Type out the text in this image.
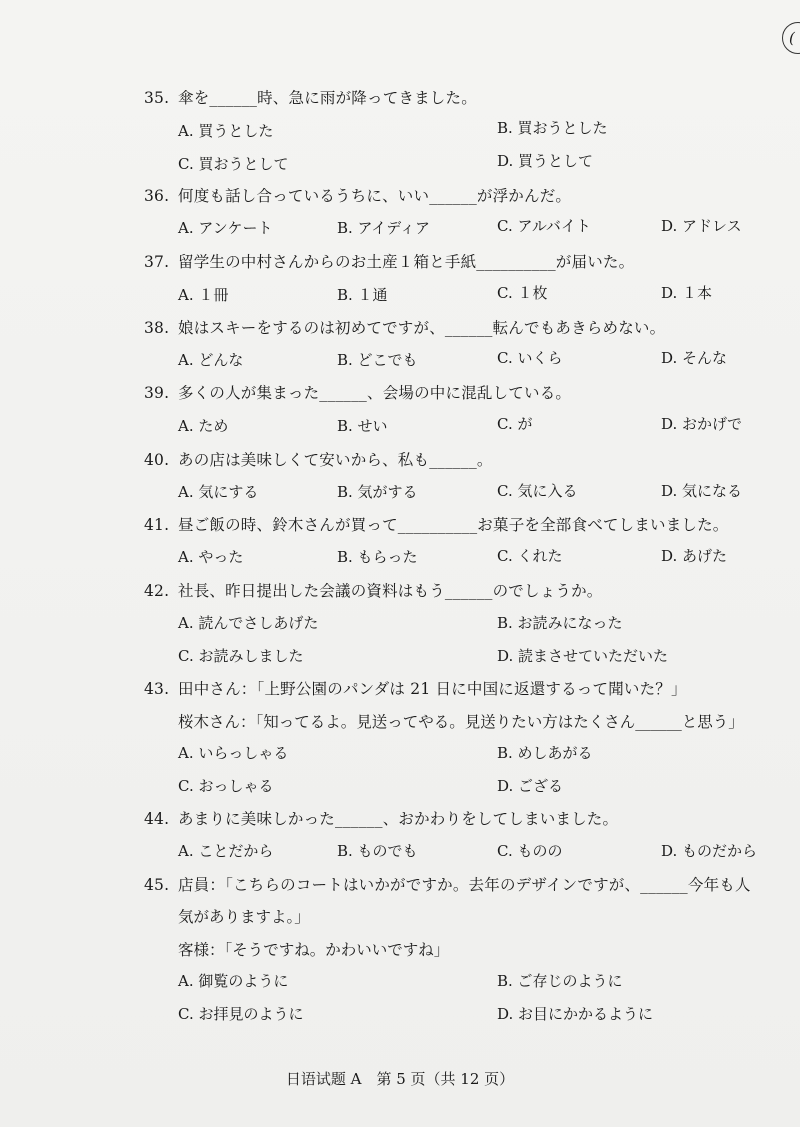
(
35. 傘を______時、急に雨が降ってきました。
A. 買うとした	B. 買おうとした
C. 買おうとして	D. 買うとして
36. 何度も話し合っているうちに、いい______が浮かんだ。
A. アンケート	B. アイディア	C. アルバイト	D. アドレス
37. 留学生の中村さんからのお土産１箱と手紙__________が届いた。
A. １冊	B. １通	C. １枚	D. １本
38. 娘はスキーをするのは初めてですが、______転んでもあきらめない。
A. どんな	B. どこでも	C. いくら	D. そんな
39. 多くの人が集まった______、会場の中に混乱している。
A. ため	B. せい	C. が	D. おかげで
40. あの店は美味しくて安いから、私も______。
A. 気にする	B. 気がする	C. 気に入る	D. 気になる
41. 昼ご飯の時、鈴木さんが買って__________お菓子を全部食べてしまいました。
A. やった	B. もらった	C. くれた	D. あげた
42. 社長、昨日提出した会議の資料はもう______のでしょうか。
A. 読んでさしあげた	B. お読みになった
C. お読みしました	D. 読まさせていただいた
43. 田中さん：「上野公園のパンダは 21 日に中国に返還するって聞いた？」
桜木さん：「知ってるよ。見送ってやる。見送りたい方はたくさん______と思う」
A. いらっしゃる	B. めしあがる
C. おっしゃる	D. ござる
44. あまりに美味しかった______、おかわりをしてしまいました。
A. ことだから	B. ものでも	C. ものの	D. ものだから
45. 店員：「こちらのコートはいかがですか。去年のデザインですが、______今年も人
気がありますよ。」
客様：「そうですね。かわいいですね」
A. 御覧のように	B. ご存じのように
C. お拝見のように	D. お目にかかるように
日语试题 A　第 5 页（共 12 页）
